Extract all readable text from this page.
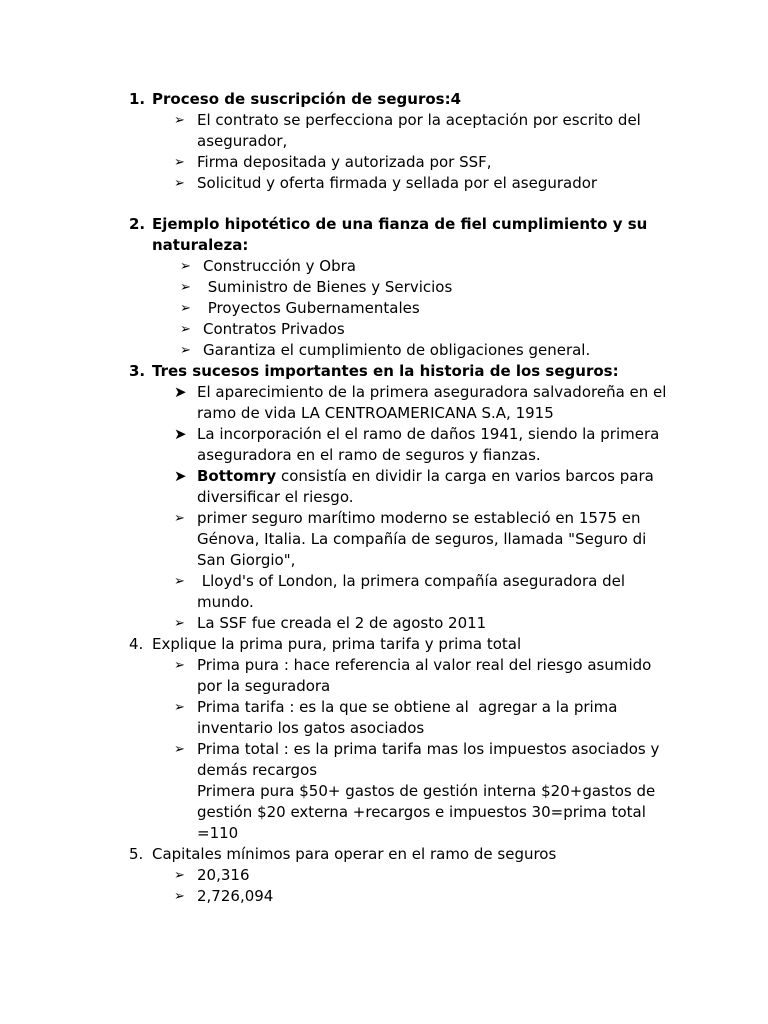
1. Proceso de suscripción de seguros:4
➢ El contrato se perfecciona por la aceptación por escrito del asegurador,
➢ Firma depositada y autorizada por SSF,
➢ Solicitud y oferta firmada y sellada por el asegurador
2. Ejemplo hipotético de una fianza de fiel cumplimiento y su naturaleza:
➢ Construcción y Obra
➢ Suministro de Bienes y Servicios
➢ Proyectos Gubernamentales
➢ Contratos Privados
➢ Garantiza el cumplimiento de obligaciones general.
3. Tres sucesos importantes en la historia de los seguros:
➤ El aparecimiento de la primera aseguradora salvadoreña en el ramo de vida LA CENTROAMERICANA S.A, 1915
➤ La incorporación el el ramo de daños 1941, siendo la primera aseguradora en el ramo de seguros y fianzas.
➤ Bottomry consistía en dividir la carga en varios barcos para diversificar el riesgo.
➢ primer seguro marítimo moderno se estableció en 1575 en Génova, Italia. La compañía de seguros, llamada "Seguro di San Giorgio",
➢ Lloyd's of London, la primera compañía aseguradora del mundo.
➢ La SSF fue creada el 2 de agosto 2011
4. Explique la prima pura, prima tarifa y prima total
➢ Prima pura : hace referencia al valor real del riesgo asumido por la seguradora
➢ Prima tarifa : es la que se obtiene al  agregar a la prima inventario los gatos asociados
➢ Prima total : es la prima tarifa mas los impuestos asociados y demás recargos
Primera pura $50+ gastos de gestión interna $20+gastos de gestión $20 externa +recargos e impuestos 30=prima total =110
5. Capitales mínimos para operar en el ramo de seguros
➢ 20,316
➢ 2,726,094
